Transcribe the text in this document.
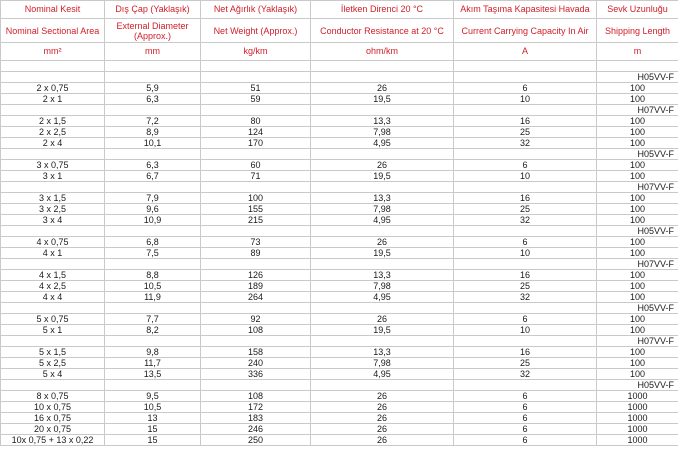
Nominal Kesit	Dış Çap (Yaklaşık)	Net Ağırlık (Yaklaşık)	İletken Direnci 20 °C	Akım Taşıma Kapasitesi Havada	Sevk Uzunluğu
Nominal Sectional Area	External Diameter (Approx.)	Net Weight (Approx.)	Conductor Resistance at 20 °C	Current Carrying Capacity In Air	Shipping Length
mm²	mm	kg/km	ohm/km	A	m

					H05VV-F
2 x 0,75	5,9	51	26	6	100
2 x 1	6,3	59	19,5	10	100
					H07VV-F
2 x 1,5	7,2	80	13,3	16	100
2 x 2,5	8,9	124	7,98	25	100
2 x 4	10,1	170	4,95	32	100
					H05VV-F
3 x 0,75	6,3	60	26	6	100
3 x 1	6,7	71	19,5	10	100
					H07VV-F
3 x 1,5	7,9	100	13,3	16	100
3 x 2,5	9,6	155	7,98	25	100
3 x 4	10,9	215	4,95	32	100
					H05VV-F
4 x 0,75	6,8	73	26	6	100
4 x 1	7,5	89	19,5	10	100
					H07VV-F
4 x 1,5	8,8	126	13,3	16	100
4 x 2,5	10,5	189	7,98	25	100
4 x 4	11,9	264	4,95	32	100
					H05VV-F
5 x 0,75	7,7	92	26	6	100
5 x 1	8,2	108	19,5	10	100
					H07VV-F
5 x 1,5	9,8	158	13,3	16	100
5 x 2,5	11,7	240	7,98	25	100
5 x 4	13,5	336	4,95	32	100
					H05VV-F
8 x 0,75	9,5	108	26	6	1000
10 x 0,75	10,5	172	26	6	1000
16 x 0,75	13	183	26	6	1000
20 x 0,75	15	246	26	6	1000
10x 0,75 + 13 x 0,22	15	250	26	6	1000
